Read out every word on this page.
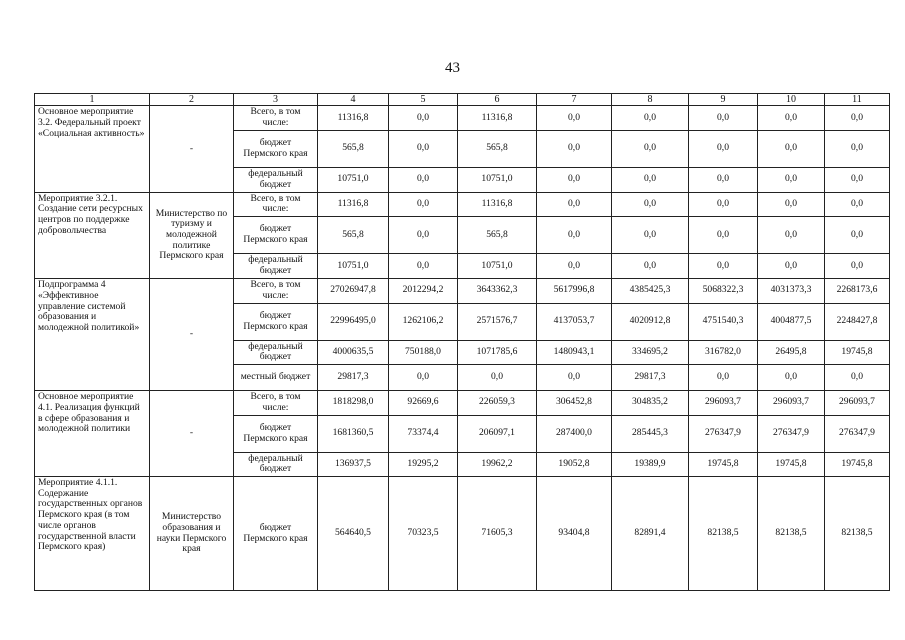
43
1	2	3	4	5	6	7	8	9	10	11
Основное мероприятие 3.2. Федеральный проект «Социальная активность»	-	Всего, в том числе:	11316,8	0,0	11316,8	0,0	0,0	0,0	0,0	0,0
		бюджет Пермского края	565,8	0,0	565,8	0,0	0,0	0,0	0,0	0,0
		федеральный бюджет	10751,0	0,0	10751,0	0,0	0,0	0,0	0,0	0,0
Мероприятие 3.2.1. Создание сети ресурсных центров по поддержке добровольчества	Министерство по туризму и молодежной политике Пермского края	Всего, в том числе:	11316,8	0,0	11316,8	0,0	0,0	0,0	0,0	0,0
		бюджет Пермского края	565,8	0,0	565,8	0,0	0,0	0,0	0,0	0,0
		федеральный бюджет	10751,0	0,0	10751,0	0,0	0,0	0,0	0,0	0,0
Подпрограмма 4 «Эффективное управление системой образования и молодежной политикой»	-	Всего, в том числе:	27026947,8	2012294,2	3643362,3	5617996,8	4385425,3	5068322,3	4031373,3	2268173,6
		бюджет Пермского края	22996495,0	1262106,2	2571576,7	4137053,7	4020912,8	4751540,3	4004877,5	2248427,8
		федеральный бюджет	4000635,5	750188,0	1071785,6	1480943,1	334695,2	316782,0	26495,8	19745,8
		местный бюджет	29817,3	0,0	0,0	0,0	29817,3	0,0	0,0	0,0
Основное мероприятие 4.1. Реализация функций в сфере образования и молодежной политики	-	Всего, в том числе:	1818298,0	92669,6	226059,3	306452,8	304835,2	296093,7	296093,7	296093,7
		бюджет Пермского края	1681360,5	73374,4	206097,1	287400,0	285445,3	276347,9	276347,9	276347,9
		федеральный бюджет	136937,5	19295,2	19962,2	19052,8	19389,9	19745,8	19745,8	19745,8
Мероприятие 4.1.1. Содержание государственных органов Пермского края (в том числе органов государственной власти Пермского края)	Министерство образования и науки Пермского края	бюджет Пермского края	564640,5	70323,5	71605,3	93404,8	82891,4	82138,5	82138,5	82138,5
